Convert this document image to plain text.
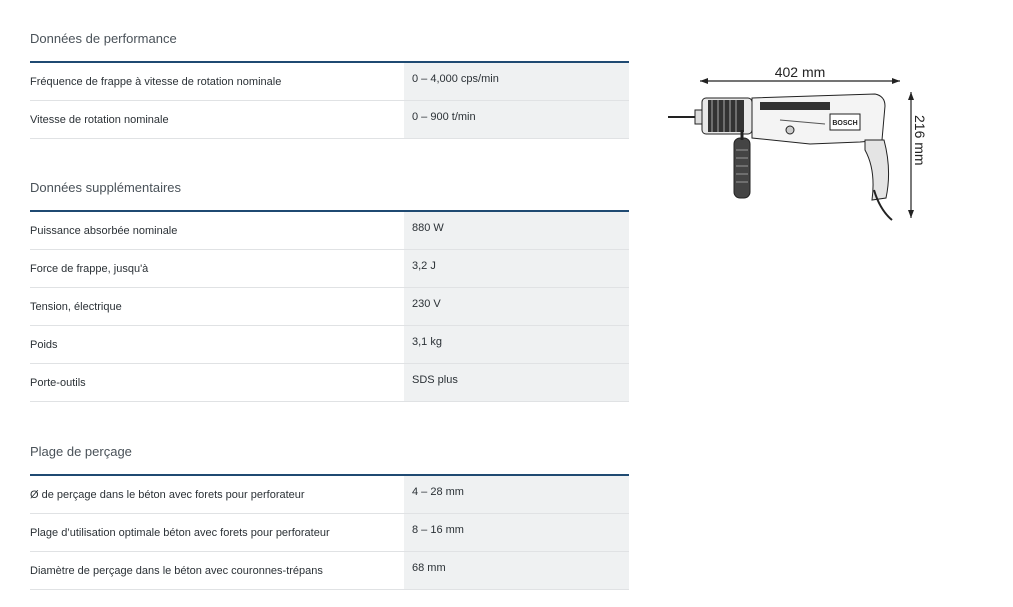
Données de performance
Fréquence de frappe à vitesse de rotation nominale	0 – 4,000 cps/min
Vitesse de rotation nominale	0 – 900 t/min
Données supplémentaires
Puissance absorbée nominale	880 W
Force de frappe, jusqu'à	3,2 J
Tension, électrique	230 V
Poids	3,1 kg
Porte-outils	SDS plus
Plage de perçage
Ø de perçage dans le béton avec forets pour perforateur	4 – 28 mm
Plage d’utilisation optimale béton avec forets pour perforateur	8 – 16 mm
Diamètre de perçage dans le béton avec couronnes-trépans	68 mm
402 mm
216 mm
BOSCH
